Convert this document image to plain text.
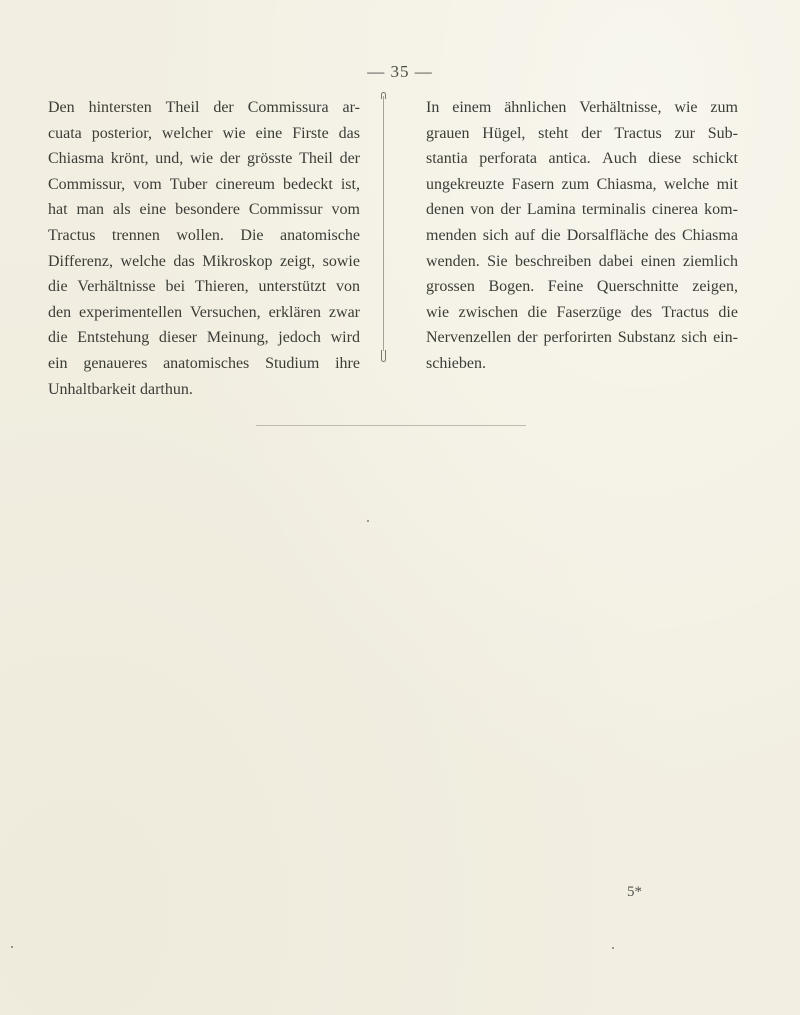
— 35 —
Den hintersten Theil der Commissura ar-
cuata posterior, welcher wie eine Firste das
Chiasma krönt, und, wie der grösste Theil der
Commissur, vom Tuber cinereum bedeckt ist,
hat man als eine besondere Commissur vom
Tractus trennen wollen. Die anatomische
Differenz, welche das Mikroskop zeigt, sowie
die Verhältnisse bei Thieren, unterstützt von
den experimentellen Versuchen, erklären zwar
die Entstehung dieser Meinung, jedoch wird
ein genaueres anatomisches Studium ihre
Unhaltbarkeit darthun.
In einem ähnlichen Verhältnisse, wie zum
grauen Hügel, steht der Tractus zur Sub-
stantia perforata antica. Auch diese schickt
ungekreuzte Fasern zum Chiasma, welche mit
denen von der Lamina terminalis cinerea kom-
menden sich auf die Dorsalfläche des Chiasma
wenden. Sie beschreiben dabei einen ziemlich
grossen Bogen. Feine Querschnitte zeigen,
wie zwischen die Faserzüge des Tractus die
Nervenzellen der perforirten Substanz sich ein-
schieben.
5*
